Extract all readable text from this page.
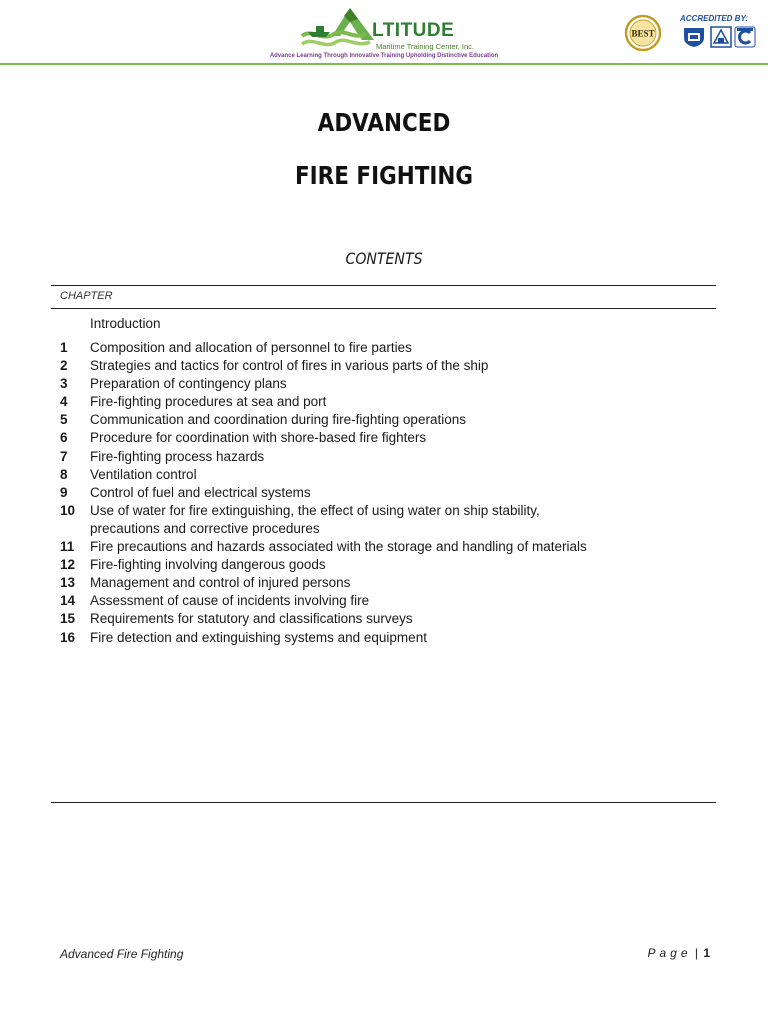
LTITUDE
Maritime Training Center, Inc.
Advance Learning Through Innovative Training Upholding Distinctive Education
BEST
ACCREDITED BY:
ADVANCED
FIRE FIGHTING
CONTENTS
CHAPTER
Introduction
1	Composition and allocation of personnel to fire parties
2	Strategies and tactics for control of fires in various parts of the ship
3	Preparation of contingency plans
4	Fire-fighting procedures at sea and port
5	Communication and coordination during fire-fighting operations
6	Procedure for coordination with shore-based fire fighters
7	Fire-fighting process hazards
8	Ventilation control
9	Control of fuel and electrical systems
10	Use of water for fire extinguishing, the effect of using water on ship stability,
precautions and corrective procedures
11	Fire precautions and hazards associated with the storage and handling of materials
12	Fire-fighting involving dangerous goods
13	Management and control of injured persons
14	Assessment of cause of incidents involving fire
15	Requirements for statutory and classifications surveys
16	Fire detection and extinguishing systems and equipment
Advanced Fire Fighting	Page | 1
